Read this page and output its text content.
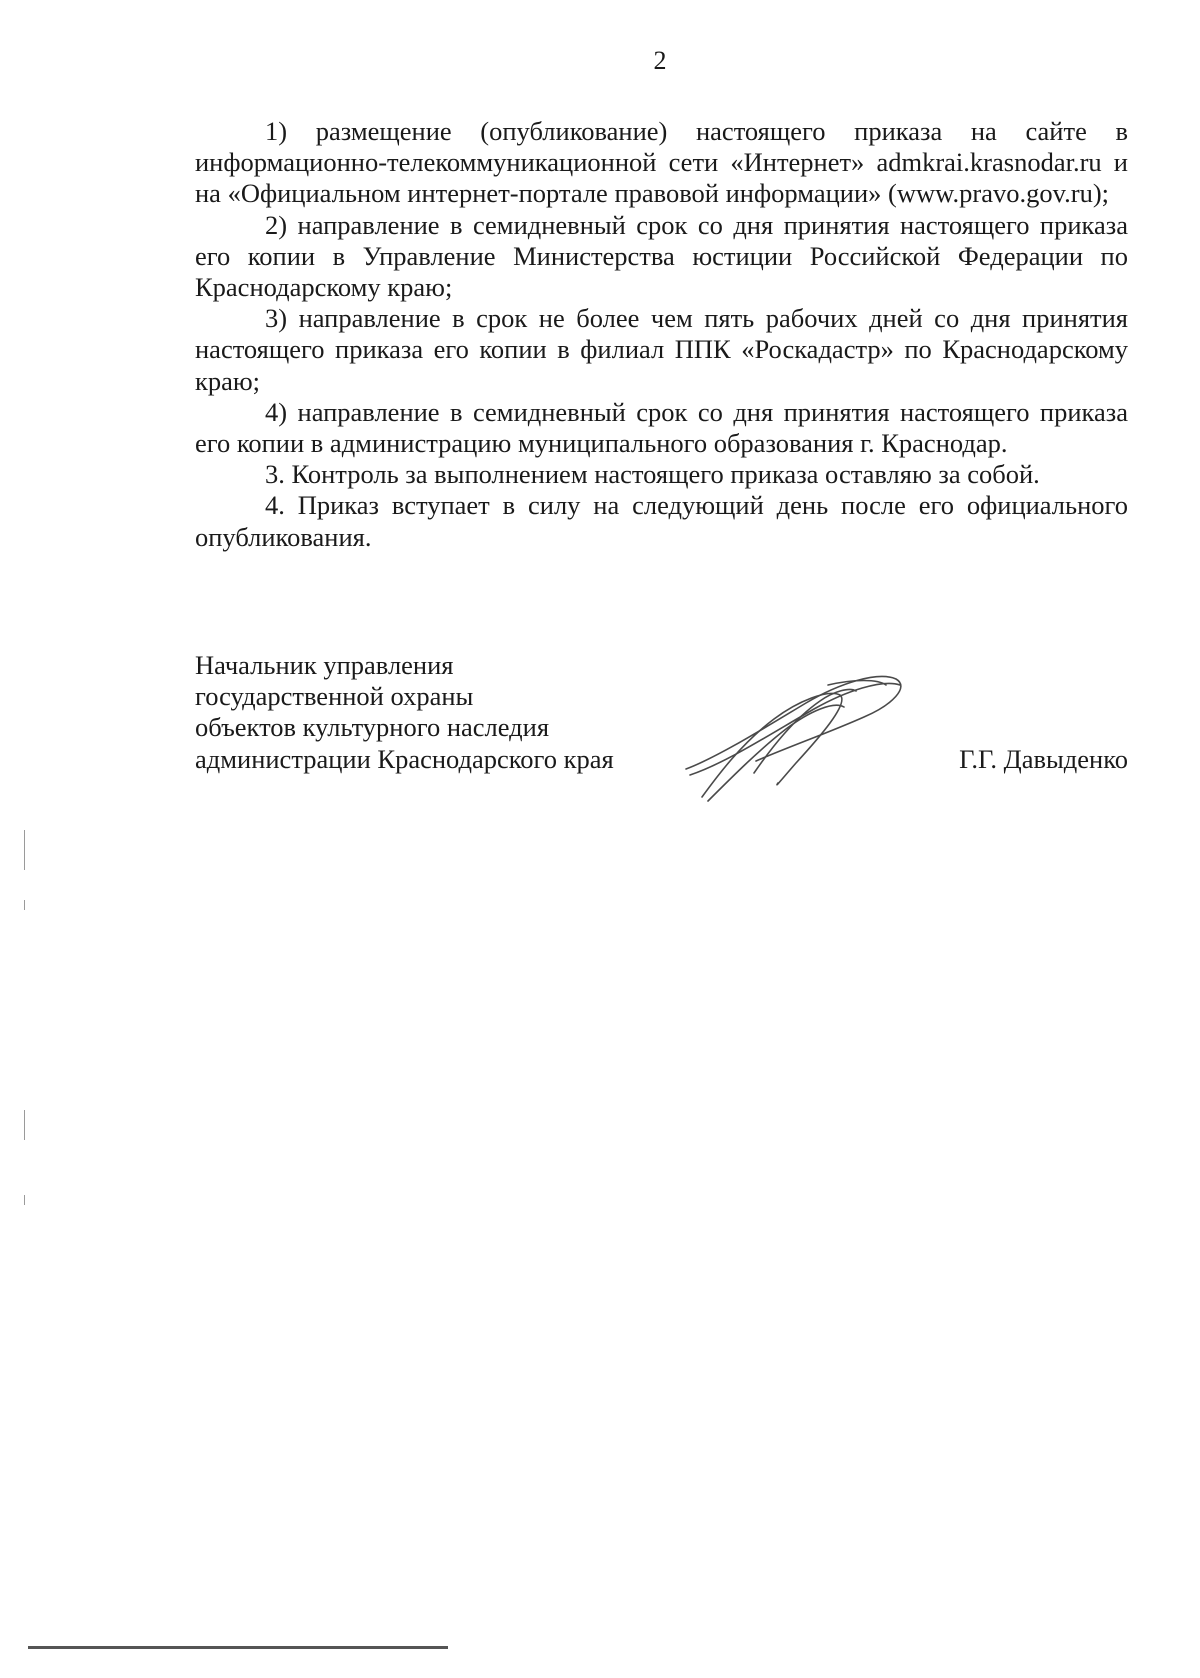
2

1) размещение (опубликование) настоящего приказа на сайте в информационно-телекоммуникационной сети «Интернет» admkrai.krasnodar.ru и на «Официальном интернет-портале правовой информации» (www.pravo.gov.ru);

2) направление в семидневный срок со дня принятия настоящего приказа его копии в Управление Министерства юстиции Российской Федерации по Краснодарскому краю;

3) направление в срок не более чем пять рабочих дней со дня принятия настоящего приказа его копии в филиал ППК «Роскадастр» по Краснодарскому краю;

4) направление в семидневный срок со дня принятия настоящего приказа его копии в администрацию муниципального образования г. Краснодар.

3. Контроль за выполнением настоящего приказа оставляю за собой.

4. Приказ вступает в силу на следующий день после его официального опубликования.

Начальник управления
государственной охраны
объектов культурного наследия
администрации Краснодарского края	Г.Г. Давыденко
